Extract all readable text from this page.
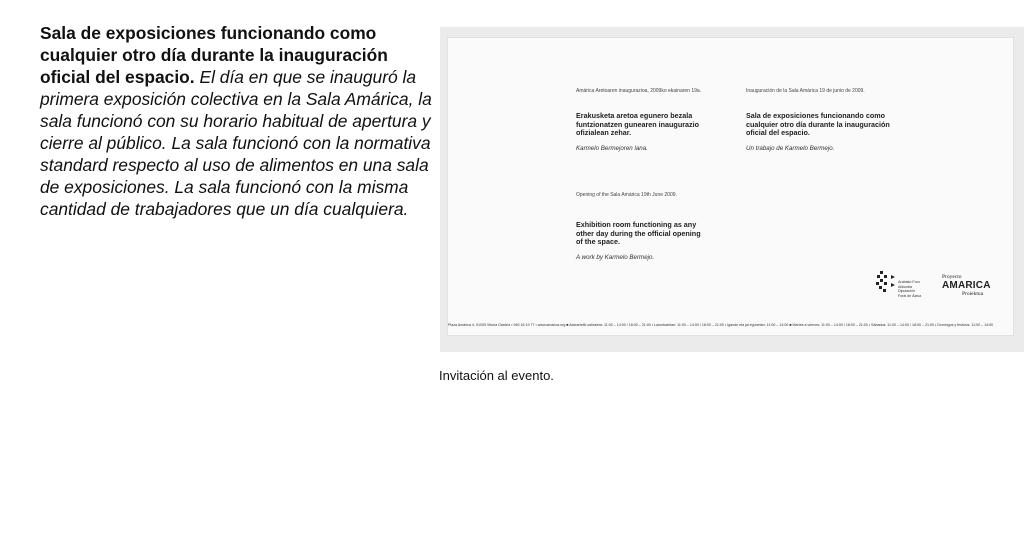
Sala de exposiciones funcionando como cualquier otro día durante la inauguración oficial del espacio. El día en que se inauguró la primera exposición colectiva en la Sala Amárica, la sala funcionó con su horario habitual de apertura y cierre al público. La sala funcionó con la normativa standard respecto al uso de alimentos en una sala de exposiciones. La sala funcionó con la misma cantidad de trabajadores que un día cualquiera.

Amárica Aretoaren inaugurazioa, 2009ko ekainaren 19a.

Erakusketa aretoa egunero bezala funtzionatzen gunearen inaugurazio ofizialean zehar.

Karmelo Bermejoren lana.

Inauguración de la Sala Amárica 19 de junio de 2009.

Sala de exposiciones funcionando como cualquier otro día durante la inauguración oficial del espacio.

Un trabajo de Karmelo Bermejo.

Opening of the Sala Amárica 19th June 2009.

Exhibition room functioning as any other day during the official opening of the space.

A work by Karmelo Bermejo.

Arabako Foru
Aldundia
Diputación
Foral de Álava

Proyecto

AMARICA

Proiektua

Plaza Amárica 4, 01005 Vitoria Gasteiz • 945 18 19 77 • www.amarica.org ■ Asteartetik ostiralera: 11:00 – 14:00 / 18:00 – 21:00 • Larunbatetan: 11:00 – 14:00 / 18:00 – 21:00 • Igande eta jai egunetan: 11:00 – 14:00 ■ Martes a viernes: 11:00 – 14:00 / 18:00 – 21:00 • Sábados: 11:00 – 14:00 / 18:00 – 21:00 • Domingos y festivos: 11:00 – 14:00
Invitación al evento.
